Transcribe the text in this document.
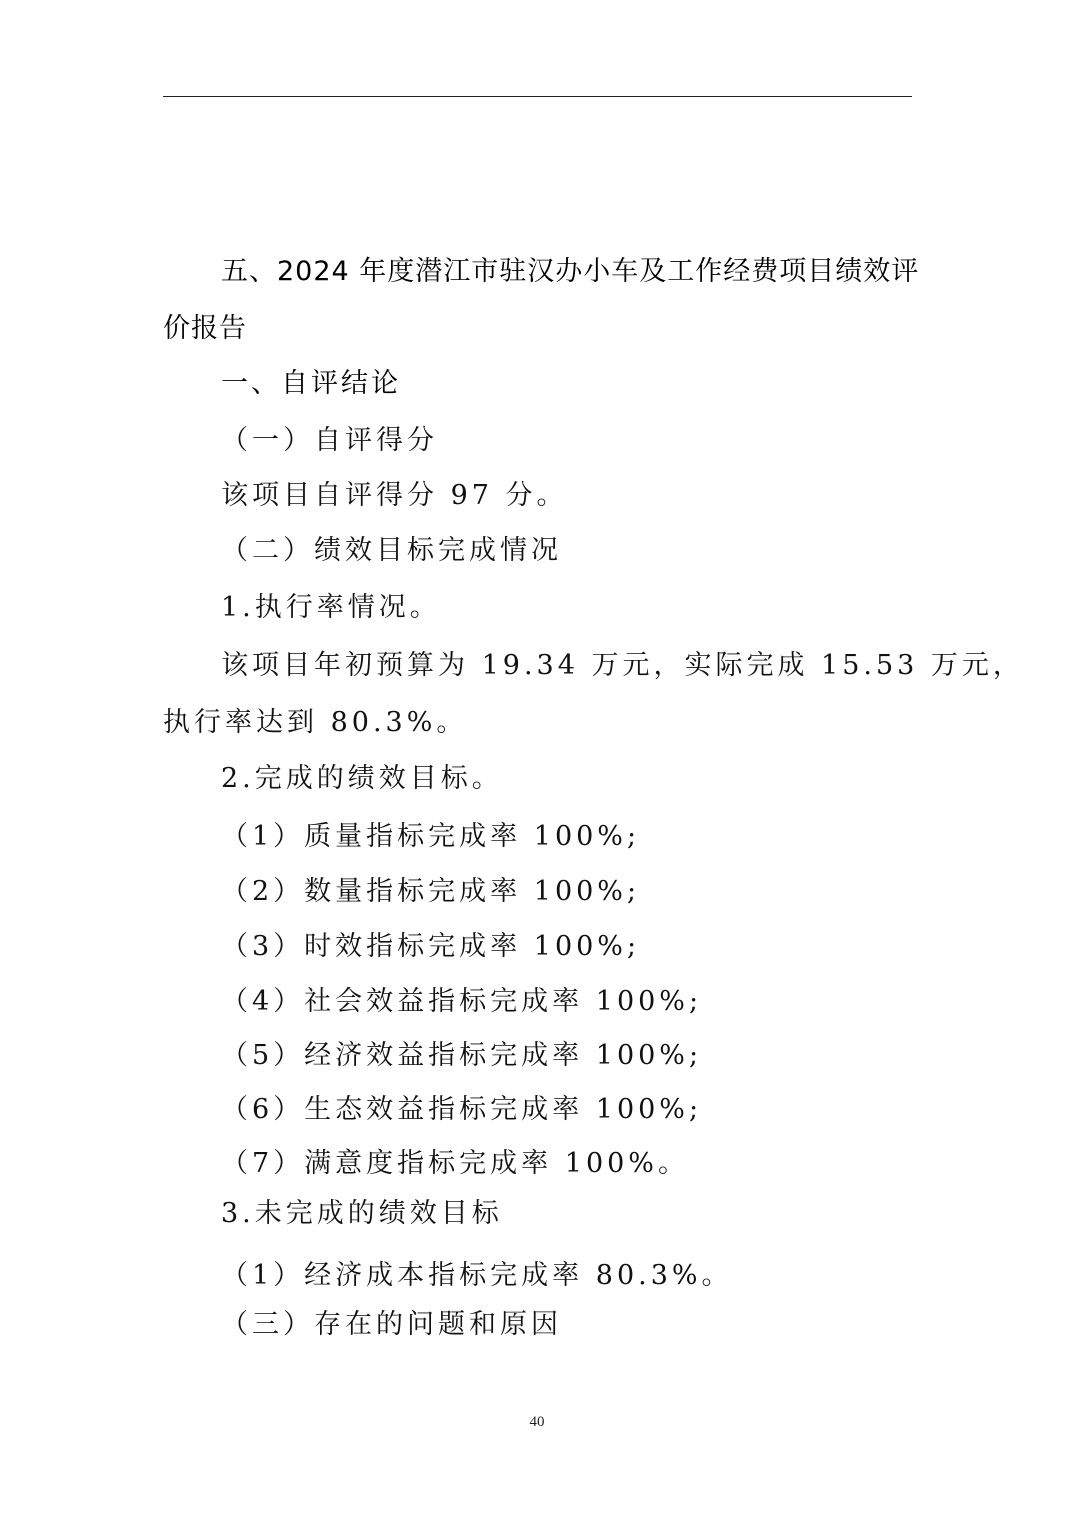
五、2024 年度潜江市驻汉办小车及工作经费项目绩效评
价报告
一、自评结论
（一）自评得分
该项目自评得分 97 分。
（二）绩效目标完成情况
1.执行率情况。
该项目年初预算为 19.34 万元，实际完成 15.53 万元，
执行率达到 80.3%。
2.完成的绩效目标。
（1）质量指标完成率 100%;
（2）数量指标完成率 100%;
（3）时效指标完成率 100%;
（4）社会效益指标完成率 100%;
（5）经济效益指标完成率 100%;
（6）生态效益指标完成率 100%;
（7）满意度指标完成率 100%。
3.未完成的绩效目标
（1）经济成本指标完成率 80.3%。
（三）存在的问题和原因
40
